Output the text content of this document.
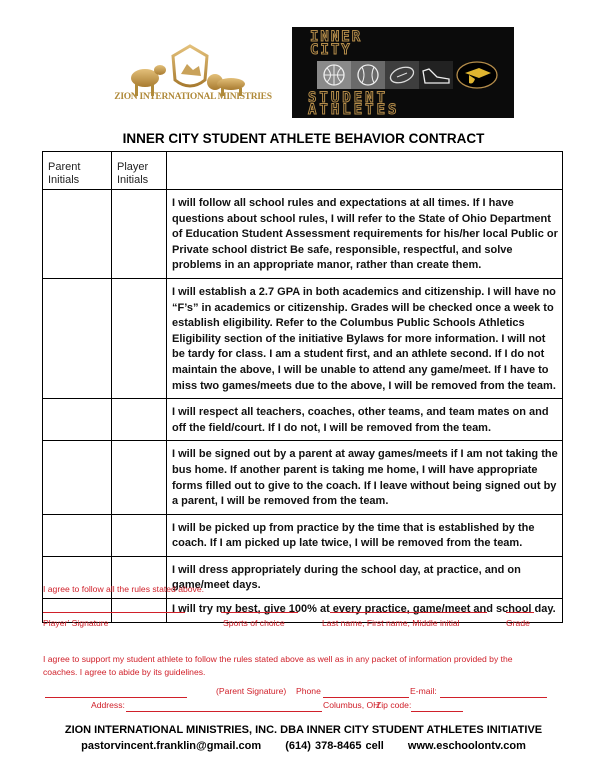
ZION INTERNATIONAL MINISTRIES
INNER
CITY
STUDENT
ATHLETES
INNER CITY STUDENT ATHLETE BEHAVIOR CONTRACT
Parent Initials	Player Initials	
		I will follow all school rules and expectations at all times. If I have questions about school rules, I will refer to the State of Ohio Department of Education Student Assessment requirements for his/her local Public or Private school district Be safe, responsible, respectful, and solve problems in an appropriate manor, rather than create them.
		I will establish a 2.7 GPA in both academics and citizenship. I will have no “F’s” in academics or citizenship. Grades will be checked once a week to establish eligibility. Refer to the Columbus Public Schools Athletics Eligibility section of the initiative Bylaws for more information. I will not be tardy for class. I am a student first, and an athlete second. If I do not maintain the above, I will be unable to attend any game/meet. If I have to miss two games/meets due to the above, I will be removed from the team.
		I will respect all teachers, coaches, other teams, and team mates on and off the field/court. If I do not, I will be removed from the team.
		I will be signed out by a parent at away games/meets if I am not taking the bus home. If another parent is taking me home, I will have appropriate forms filled out to give to the coach. If I leave without being signed out by a parent, I will be removed from the team.
		I will be picked up from practice by the time that is established by the coach. If I am picked up late twice, I will be removed from the team.
		I will dress appropriately during the school day, at practice, and on game/meet days.
		I will try my best, give 100% at every practice, game/meet and school day.
I agree to follow all the rules stated above.
Player’ Signature	Sports of choice	Last name, First name, Middle initial	Grade
I agree to support my student athlete to follow the rules stated above as well as in any packet of information provided by the
coaches. I agree to abide by its guidelines.
(Parent Signature) Phone	E-mail:
Address:	Columbus, OH
Zip code:
ZION INTERNATIONAL MINISTRIES, INC. DBA INNER CITY STUDENT ATHLETES INITIATIVE
pastorvincent.franklin@gmail.com (614) 378-8465 cell www.eschoolontv.com
